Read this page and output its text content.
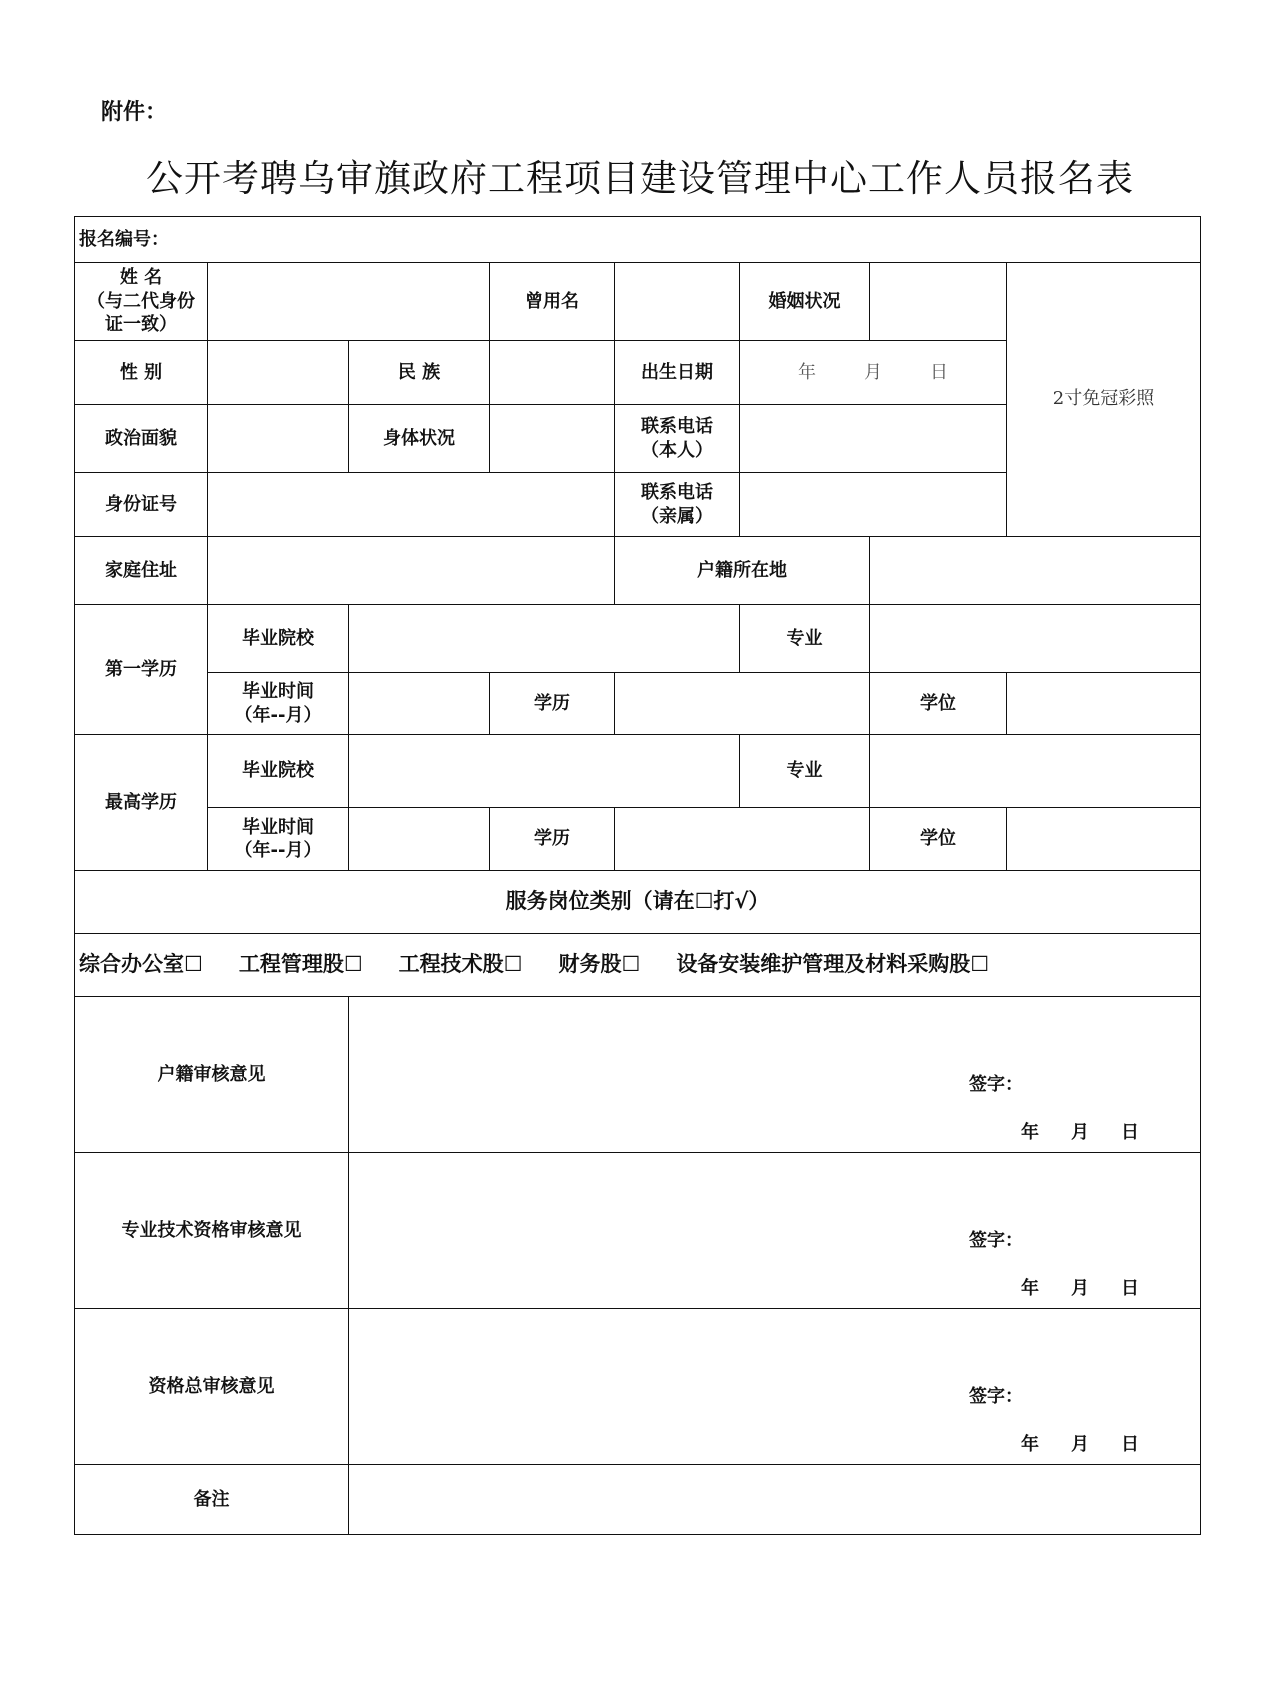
附件：
公开考聘乌审旗政府工程项目建设管理中心工作人员报名表
报名编号：							

姓 名
（与二代身份
证一致）			曾用名		婚姻状况		2寸免冠彩照

性 别		民 族		出生日期	年 月 日		
政治面貌		身体状况		联系电话
（本人）			

身份证号				联系电话
（亲属）			

家庭住址				户籍所在地			
第一学历	毕业院校				专业		

	毕业时间
（年--月）		学历			学位	
最高学历	毕业院校				专业		

	毕业时间
（年--月）		学历			学位	
服务岗位类别（请在☐打√）							
综合办公室☐ 工程管理股☐ 工程技术股☐ 财务股☐ 设备安装维护管理及材料采购股☐							
户籍审核意见		签字：
年 月 日					

专业技术资格审核意见		签字：
年 月 日					

资格总审核意见		签字：
年 月 日					

备注							
